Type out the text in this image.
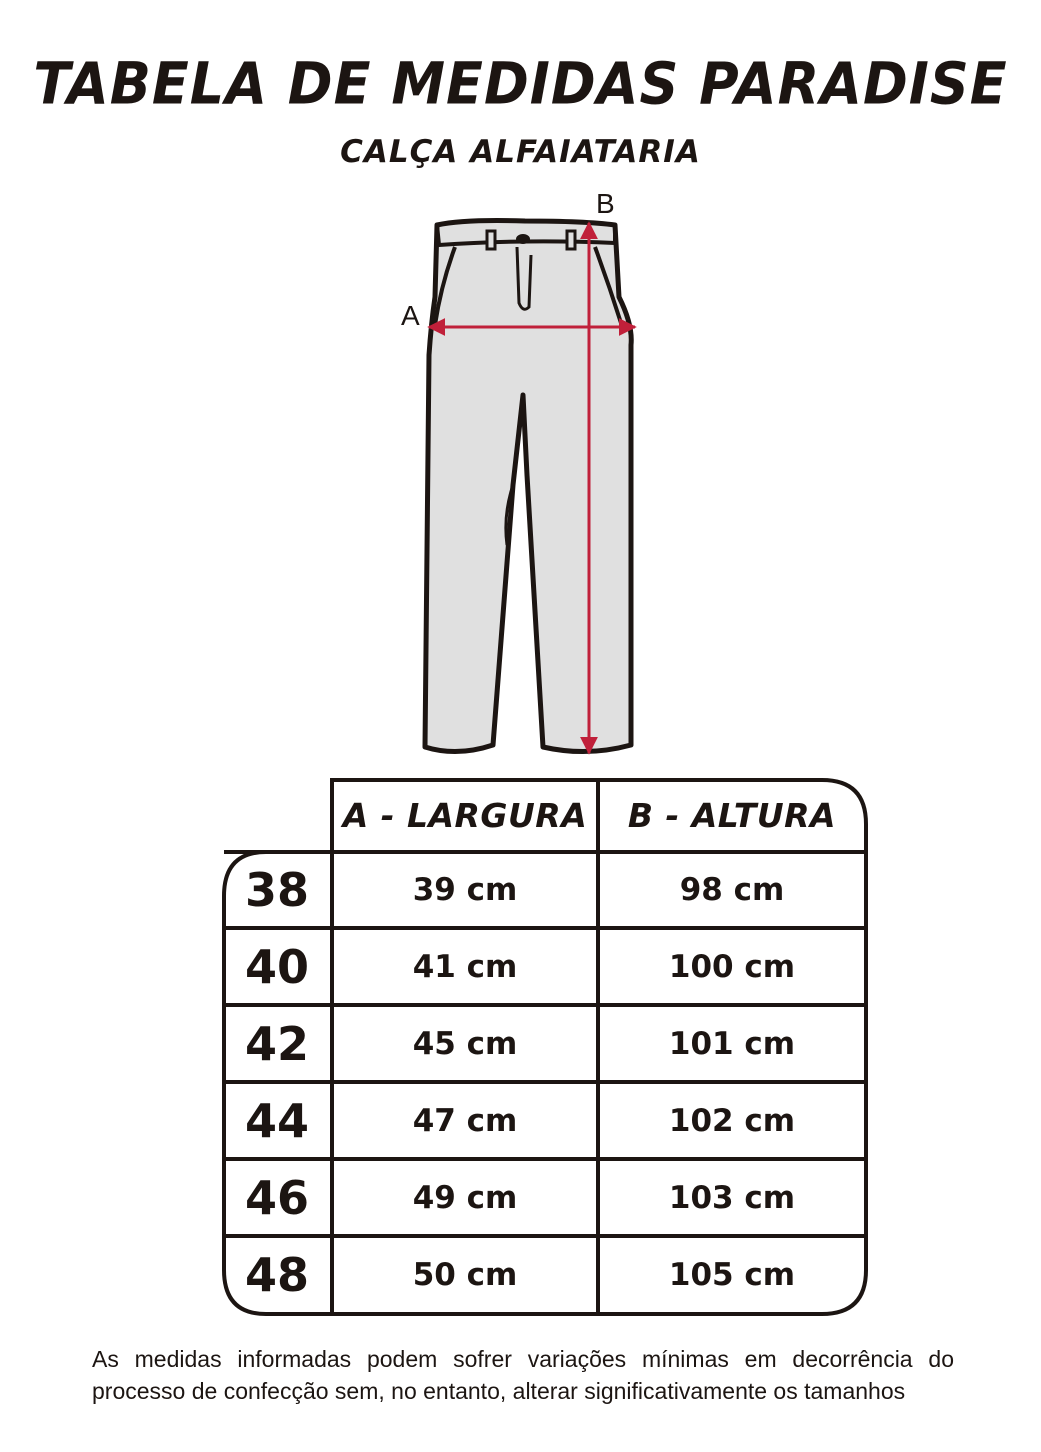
TABELA DE MEDIDAS PARADISE
CALÇA ALFAIATARIA
A
B
A - LARGURA	B - ALTURA
38	39 cm	98 cm
40	41 cm	100 cm
42	45 cm	101 cm
44	47 cm	102 cm
46	49 cm	103 cm
48	50 cm	105 cm

As medidas informadas podem sofrer variações mínimas em decorrência do processo de confecção sem, no entanto, alterar significativamente os tamanhos
